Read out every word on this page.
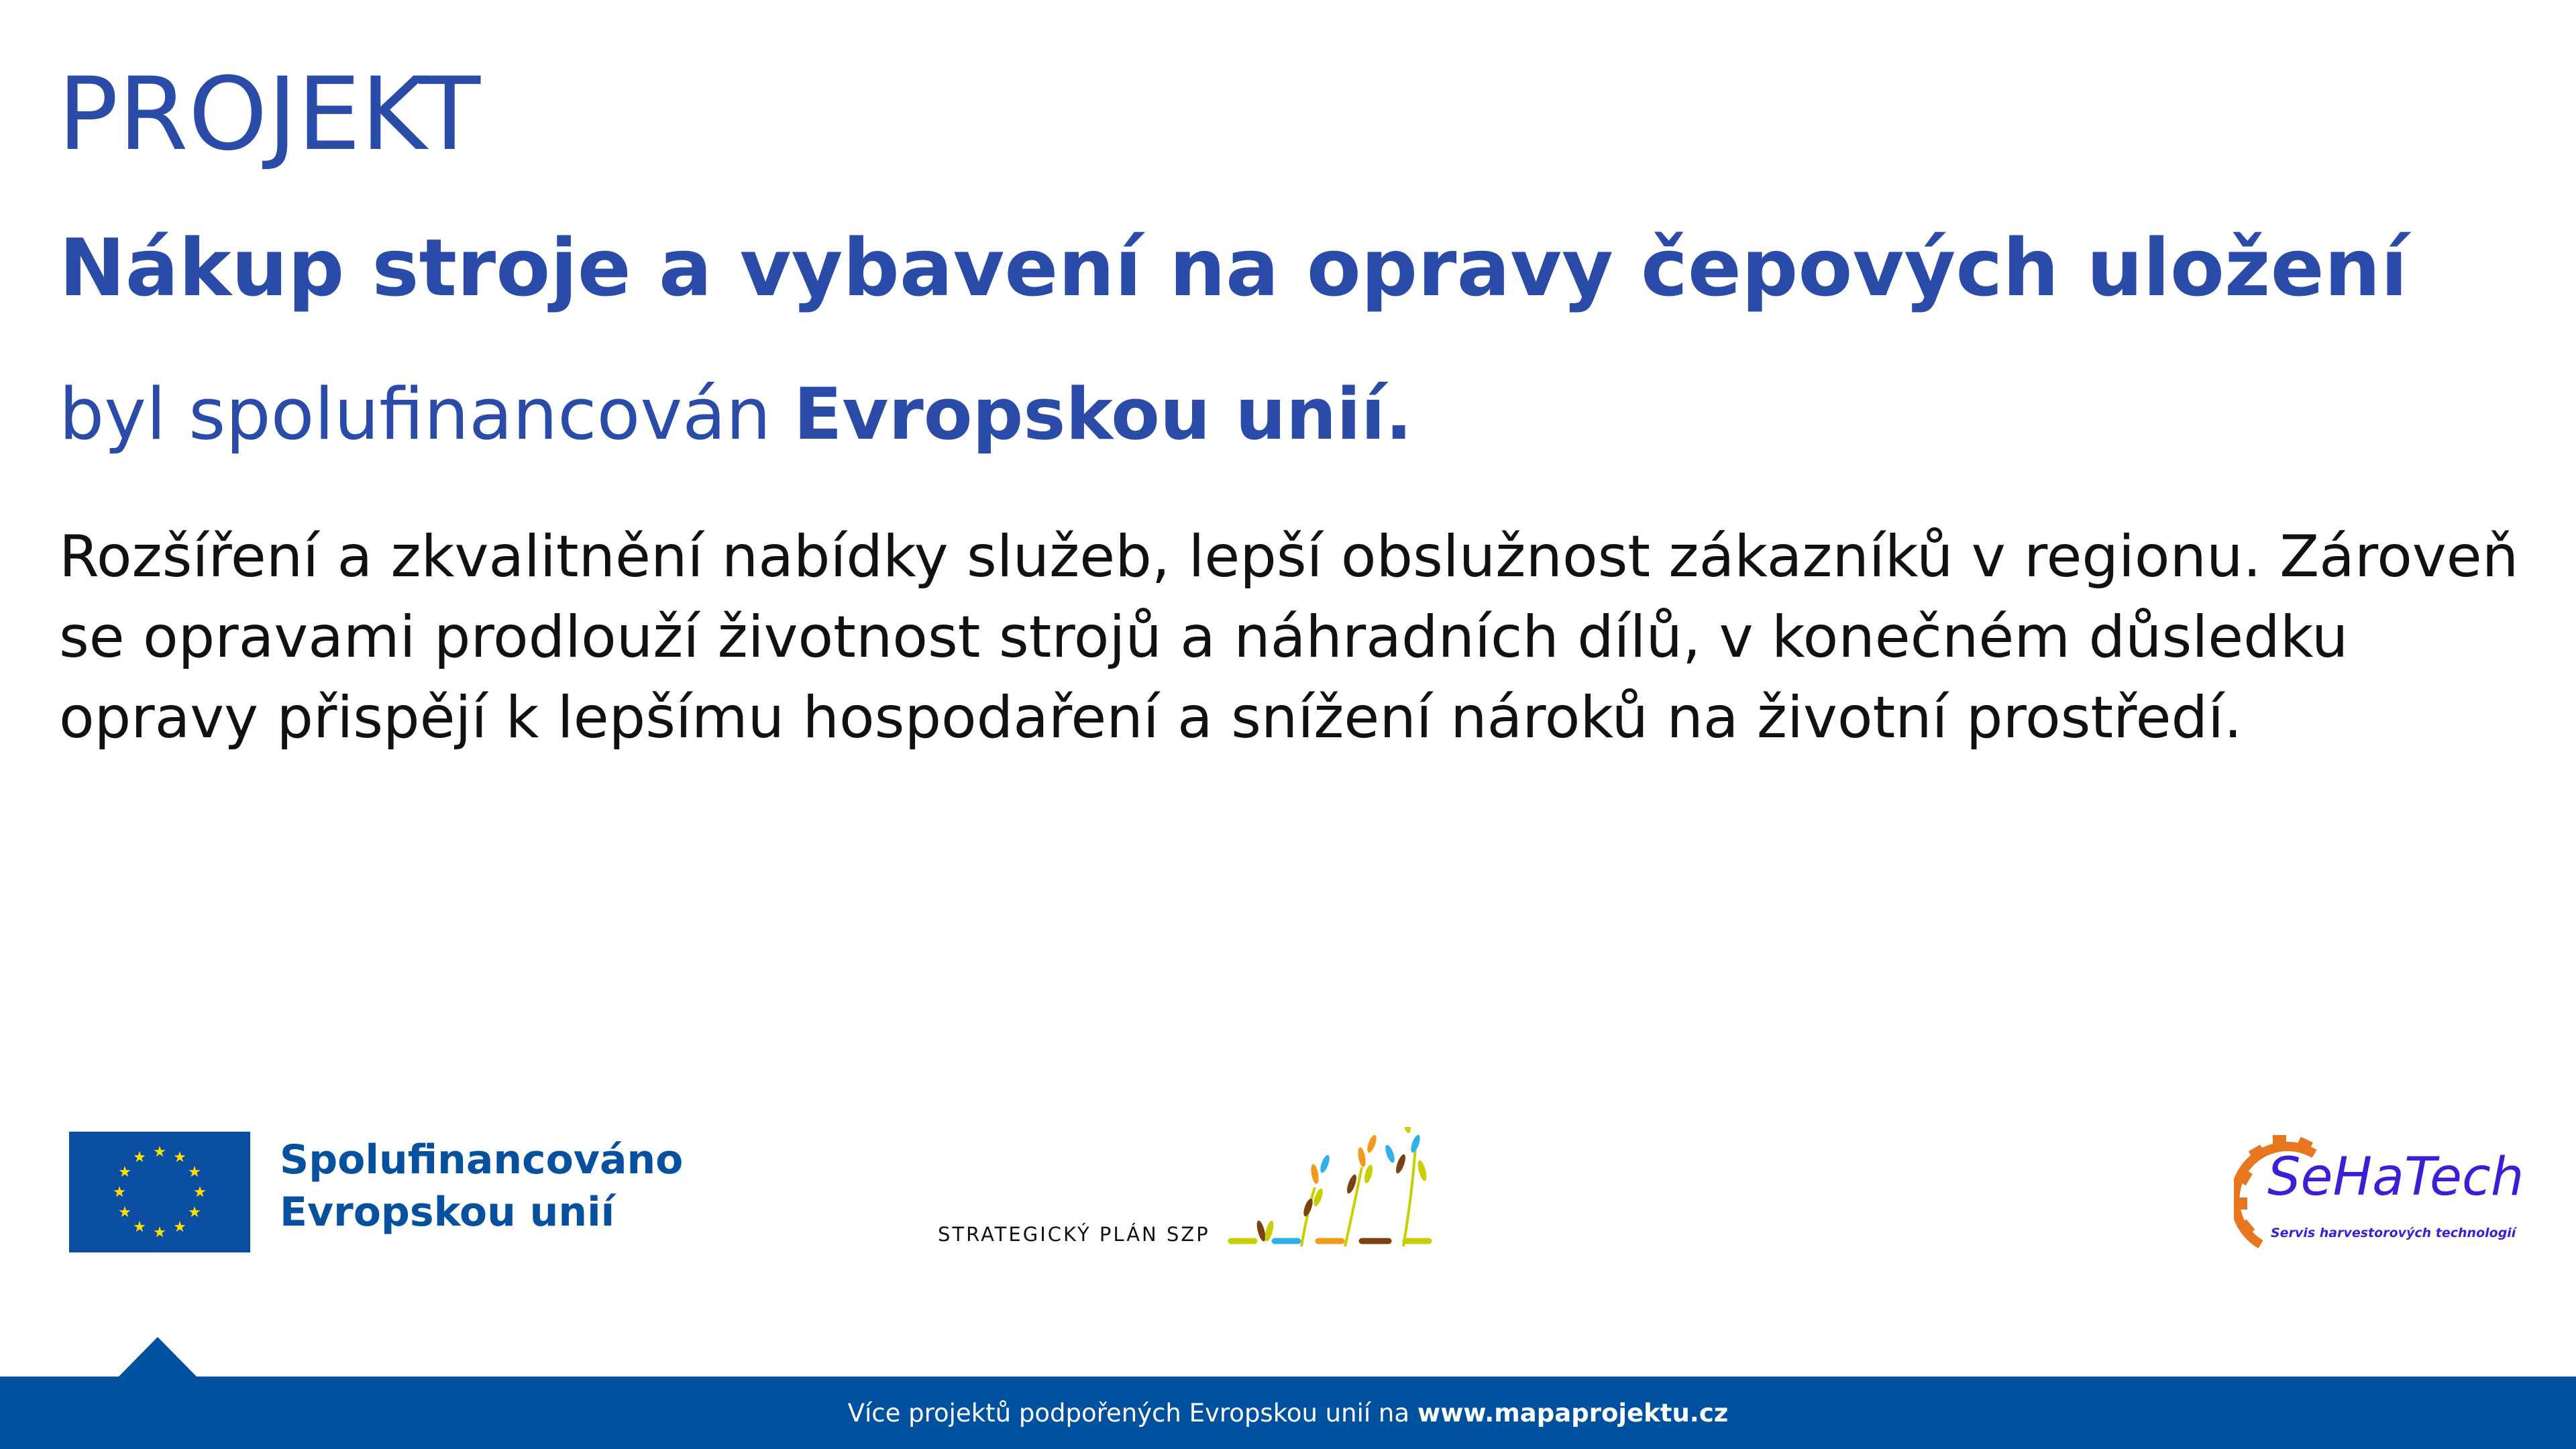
PROJEKT
Nákup stroje a vybavení na opravy čepových uložení
byl spolufinancován Evropskou unií.
Rozšíření a zkvalitnění nabídky služeb, lepší obslužnost zákazníků v regionu. Zároveň se opravami prodlouží životnost strojů a náhradních dílů, v konečném důsledku opravy přispějí k lepšímu hospodaření a snížení nároků na životní prostředí.
Spolufinancováno
Evropskou unií	STRATEGICKÝ PLÁN SZP
SeHaTech
Servis harvestorových technologií
Více projektů podpořených Evropskou unií na www.mapaprojektu.cz
